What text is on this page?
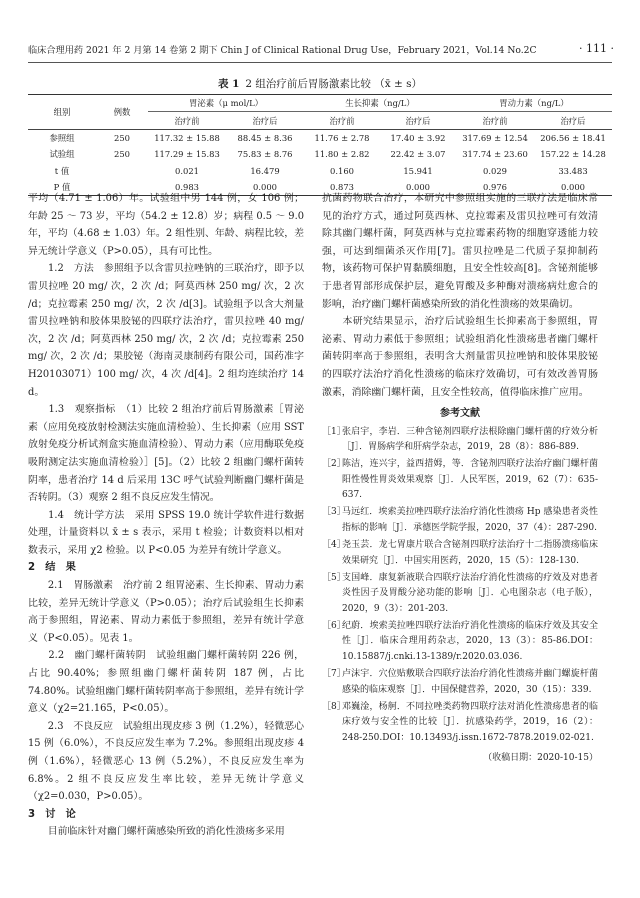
临床合理用药 2021 年 2 月第 14 卷第 2 期下 Chin J of Clinical Rational Drug Use，February 2021，Vol.14 No.2C	· 111 ·
表 1 2 组治疗前后胃肠激素比较 （x̄ ± s）
组别	例数	胃泌素（μ mol/L）		生长抑素（ng/L）		胃动力素（ng/L）	
		治疗前	治疗后	治疗前	治疗后	治疗前	治疗后
参照组	250	117.32 ± 15.88	88.45 ± 8.36	11.76 ± 2.78	17.40 ± 3.92	317.69 ± 12.54	206.56 ± 18.41
试验组	250	117.29 ± 15.83	75.83 ± 8.76	11.80 ± 2.82	22.42 ± 3.07	317.74 ± 23.60	157.22 ± 14.28
t 值		0.021	16.479	0.160	15.941	0.029	33.483
P 值		0.983	0.000	0.873	0.000	0.976	0.000

平均（4.71 ± 1.06）年。试验组中男 144 例，女 106 例；年龄 25 ～ 73 岁，平均（54.2 ± 12.8）岁；病程 0.5 ～ 9.0 年，平均（4.68 ± 1.03）年。2 组性别、年龄、病程比较，差异无统计学意义（P>0.05），具有可比性。

　　1.2　方法　参照组予以含雷贝拉唑钠的三联治疗，即予以雷贝拉唑 20 mg/ 次，2 次 /d；阿莫西林 250 mg/ 次，2 次 /d；克拉霉素 250 mg/ 次，2 次 /d[3]。试验组予以含大剂量雷贝拉唑钠和胶体果胶铋的四联疗法治疗，雷贝拉唑 40 mg/ 次，2 次 /d；阿莫西林 250 mg/ 次，2 次 /d；克拉霉素 250 mg/ 次，2 次 /d；果胶铋（海南灵康制药有限公司，国药准字 H20103071）100 mg/ 次，4 次 /d[4]。2 组均连续治疗 14 d。

　　1.3　观察指标　（1）比较 2 组治疗前后胃肠激素［胃泌素（应用免疫放射检测法实施血清检验）、生长抑素（应用 SST 放射免疫分析试剂盒实施血清检验）、胃动力素（应用酶联免疫吸附测定法实施血清检验）］[5]。（2）比较 2 组幽门螺杆菌转阴率，患者治疗 14 d 后采用 13C 呼气试验判断幽门螺杆菌是否转阴。（3）观察 2 组不良反应发生情况。

　　1.4　统计学方法　采用 SPSS 19.0 统计学软件进行数据处理，计量资料以 x̄ ± s 表示，采用 t 检验；计数资料以相对数表示，采用 χ2 检验。以 P<0.05 为差异有统计学意义。

2　结　果

　　2.1　胃肠激素　治疗前 2 组胃泌素、生长抑素、胃动力素比较，差异无统计学意义（P>0.05）；治疗后试验组生长抑素高于参照组，胃泌素、胃动力素低于参照组，差异有统计学意义（P<0.05）。见表 1。

　　2.2　幽门螺杆菌转阴　试验组幽门螺杆菌转阴 226 例，占比 90.40%；参照组幽门螺杆菌转阴 187 例，占比 74.80%。试验组幽门螺杆菌转阴率高于参照组，差异有统计学意义（χ2=21.165，P<0.05）。

　　2.3　不良反应　试验组出现皮疹 3 例（1.2%），轻微恶心 15 例（6.0%），不良反应发生率为 7.2%。参照组出现皮疹 4 例（1.6%），轻微恶心 13 例（5.2%），不良反应发生率为 6.8%。2 组不良反应发生率比较，差异无统计学意义（χ2=0.030，P>0.05）。

3　讨　论

　　目前临床针对幽门螺杆菌感染所致的消化性溃疡多采用

抗菌药物联合治疗，本研究中参照组实施的三联疗法是临床常见的治疗方式，通过阿莫西林、克拉霉素及雷贝拉唑可有效清除其幽门螺杆菌，阿莫西林与克拉霉素药物的细胞穿透能力较强，可达到细菌杀灭作用[7]。雷贝拉唑是二代质子泵抑制药物，该药物可保护胃黏膜细胞，且安全性较高[8]。含铋剂能够于患者胃部形成保护层，避免胃酸及多种酶对溃疡病灶愈合的影响，治疗幽门螺杆菌感染所致的消化性溃疡的效果确切。

　　本研究结果显示，治疗后试验组生长抑素高于参照组，胃泌素、胃动力素低于参照组；试验组消化性溃疡患者幽门螺杆菌转阴率高于参照组，表明含大剂量雷贝拉唑钠和胶体果胶铋的四联疗法治疗消化性溃疡的临床疗效确切，可有效改善胃肠激素，消除幽门螺杆菌，且安全性较高，值得临床推广应用。

参考文献
［1］
张启宇，李岩．三种含铋剂四联疗法根除幽门螺杆菌的疗效分析［J］．胃肠病学和肝病学杂志，2019，28（8）：886-889.
［2］
陈洁，连兴宇，益西措姆，等．含铋剂四联疗法治疗幽门螺杆菌阳性慢性胃炎效果观察［J］．人民军医，2019，62（7）：635-637.
［3］
马远红．埃索美拉唑四联疗法治疗消化性溃疡 Hp 感染患者炎性指标的影响［J］．承德医学院学报，2020，37（4）：287-290.
［4］
尧玉芸．龙七胃康片联合含铋剂四联疗法治疗十二指肠溃疡临床效果研究［J］．中国实用医药，2020，15（5）：128-130.
［5］
支国峰．康复新液联合四联疗法治疗消化性溃疡的疗效及对患者炎性因子及胃酸分泌功能的影响［J］．心电图杂志（电子版），2020，9（3）：201-203.
［6］
纪蔚．埃索美拉唑四联疗法治疗消化性溃疡的临床疗效及其安全性［J］．临床合理用药杂志，2020，13（3）：85-86.DOI：10.15887/j.cnki.13-1389/r.2020.03.036.
［7］
卢沫宇．穴位贴敷联合四联疗法治疗消化性溃疡并幽门螺旋杆菌感染的临床观察［J］．中国保健营养，2020，30（15）：339.
［8］
邓巍淦，杨舸．不同拉唑类药物四联疗法对消化性溃疡患者的临床疗效与安全性的比较［J］．抗感染药学，2019，16（2）：248-250.DOI：10.13493/j.issn.1672-7878.2019.02-021.
（收稿日期：2020-10-15）
